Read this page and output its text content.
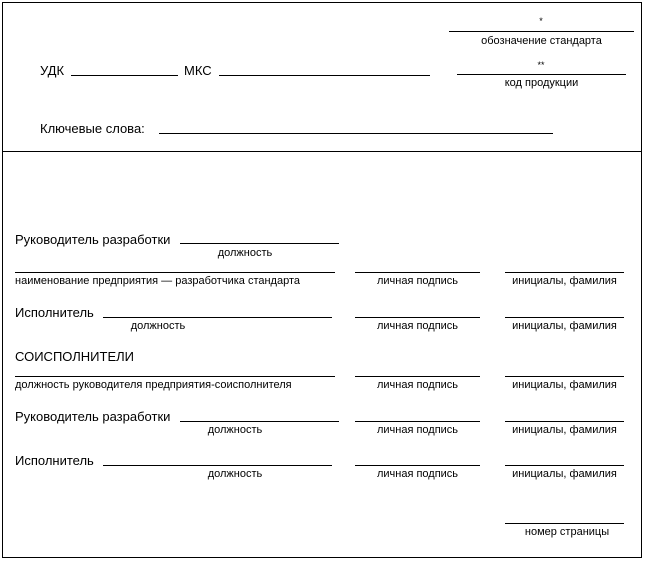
*
обозначение стандарта
**
код продукции
УДК	МКС
Ключевые слова:
Руководитель разработки
должность
наименование предприятия — разработчика стандарта	личная подпись	инициалы, фамилия
Исполнитель
должность	личная подпись	инициалы, фамилия
СОИСПОЛНИТЕЛИ
должность руководителя предприятия-соисполнителя	личная подпись	инициалы, фамилия
Руководитель разработки
должность	личная подпись	инициалы, фамилия
Исполнитель
должность	личная подпись	инициалы, фамилия
номер страницы
